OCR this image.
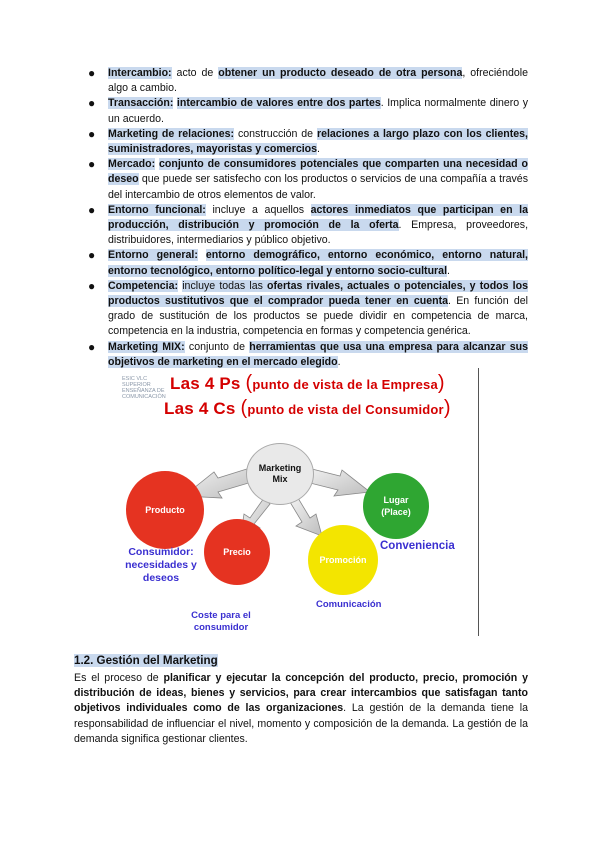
● Intercambio: acto de obtener un producto deseado de otra persona, ofreciéndole algo a cambio.
● Transacción: intercambio de valores entre dos partes. Implica normalmente dinero y un acuerdo.
● Marketing de relaciones: construcción de relaciones a largo plazo con los clientes, suministradores, mayoristas y comercios.
● Mercado: conjunto de consumidores potenciales que comparten una necesidad o deseo que puede ser satisfecho con los productos o servicios de una compañía a través del intercambio de otros elementos de valor.
● Entorno funcional: incluye a aquellos actores inmediatos que participan en la producción, distribución y promoción de la oferta. Empresa, proveedores, distribuidores, intermediarios y público objetivo.
● Entorno general: entorno demográfico, entorno económico, entorno natural, entorno tecnológico, entorno político-legal y entorno socio-cultural.
● Competencia: incluye todas las ofertas rivales, actuales o potenciales, y todos los productos sustitutivos que el comprador pueda tener en cuenta. En función del grado de sustitución de los productos se puede dividir en competencia de marca, competencia en la industria, competencia en formas y competencia genérica.
● Marketing MIX: conjunto de herramientas que usa una empresa para alcanzar sus objetivos de marketing en el mercado elegido.
ESIC VLC SUPERIOR ENSEÑANZA DE COMUNICACIÓN
Las 4 Ps (punto de vista de la Empresa)
Las 4 Cs (punto de vista del Consumidor)
Marketing
Mix
Producto
Precio
Promoción
Lugar
(Place)
Consumidor: necesidades y deseos
Conveniencia
Coste para el consumidor
Comunicación
1.2. Gestión del Marketing
Es el proceso de planificar y ejecutar la concepción del producto, precio, promoción y distribución de ideas, bienes y servicios, para crear intercambios que satisfagan tanto objetivos individuales como de las organizaciones. La gestión de la demanda tiene la responsabilidad de influenciar el nivel, momento y composición de la demanda. La gestión de la demanda significa gestionar clientes.
